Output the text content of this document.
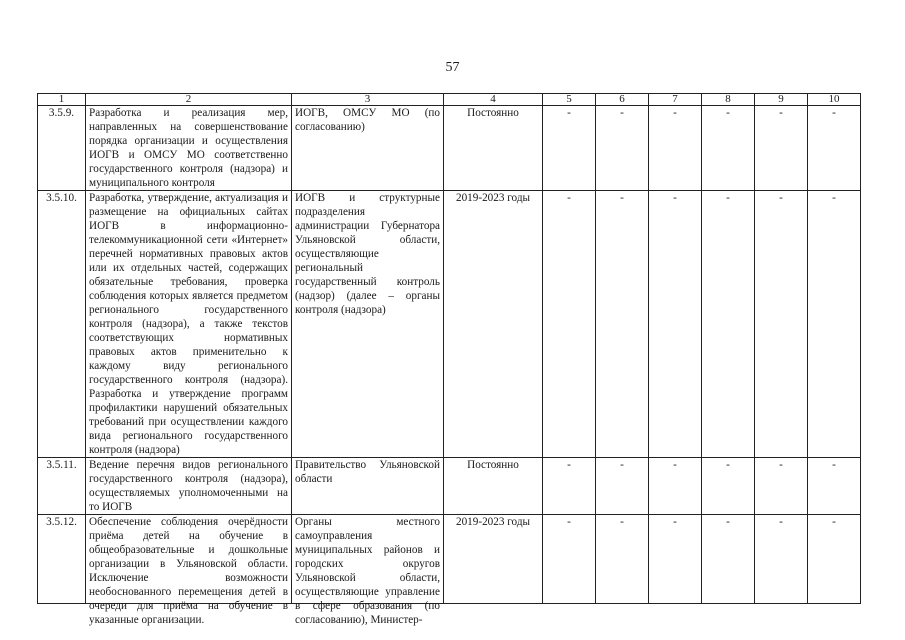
57
1	2	3	4	5	6	7	8	9	10
3.5.9.	Разработка и реализация мер, направленных на совершенствование порядка организации и осуществления ИОГВ и ОМСУ МО соответственно государственного контроля (надзора) и муниципального контроля	ИОГВ, ОМСУ МО (по согласованию)	Постоянно	-	-	-	-	-	-
3.5.10.	Разработка, утверждение, актуализация и размещение на официальных сайтах ИОГВ в информационно-телекоммуникационной сети «Интернет» перечней нормативных правовых актов или их отдельных частей, содержащих обязательные требования, проверка соблюдения которых является предметом регионального государственного контроля (надзора), а также текстов соответствующих нормативных правовых актов применительно к каждому виду регионального государственного контроля (надзора). Разработка и утверждение программ профилактики нарушений обязательных требований при осуществлении каждого вида регионального государственного контроля (надзора)	ИОГВ и структурные подразделения администрации Губернатора Ульяновской области, осуществляющие региональный государственный контроль (надзор) (далее – органы контроля (надзора)	2019-2023 годы	-	-	-	-	-	-
3.5.11.	Ведение перечня видов регионального государственного контроля (надзора), осуществляемых уполномоченными на то ИОГВ	Правительство Ульяновской области	Постоянно	-	-	-	-	-	-
3.5.12.	Обеспечение соблюдения очерёдности приёма детей на обучение в общеобразовательные и дошкольные организации в Ульяновской области. Исключение возможности необоснованного перемещения детей в очереди для приёма на обучение в указанные организации.	Органы местного самоуправления муниципальных районов и городских округов Ульяновской области, осуществляющие управление в сфере образования (по согласованию), Министер-	2019-2023 годы	-	-	-	-	-	-
